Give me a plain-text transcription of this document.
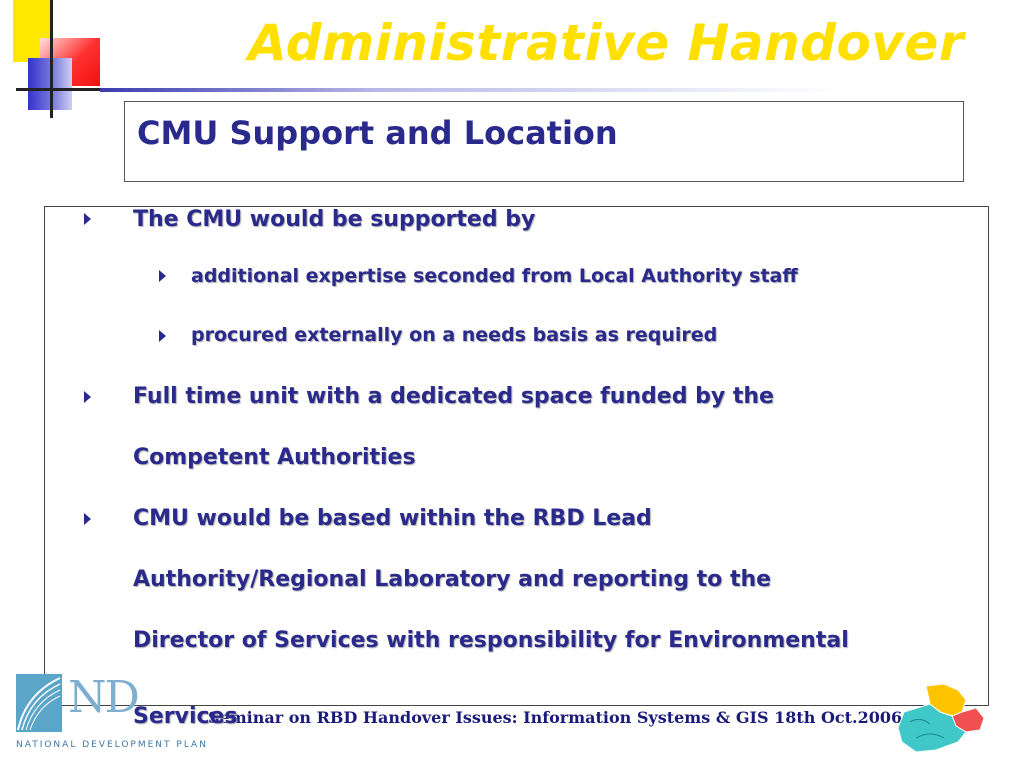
Administrative Handover
CMU Support and Location
The CMU would be supported by
additional expertise seconded from Local Authority staff
procured externally on a needs basis as required
Full time unit with a dedicated space funded by the
Competent Authorities
CMU would be based within the RBD Lead
Authority/Regional Laboratory and reporting to the
Director of Services with responsibility for Environmental
ND
NATIONAL DEVELOPMENT PLAN
Seminar on RBD Handover Issues: Information Systems & GIS 18th Oct.2006
Services
